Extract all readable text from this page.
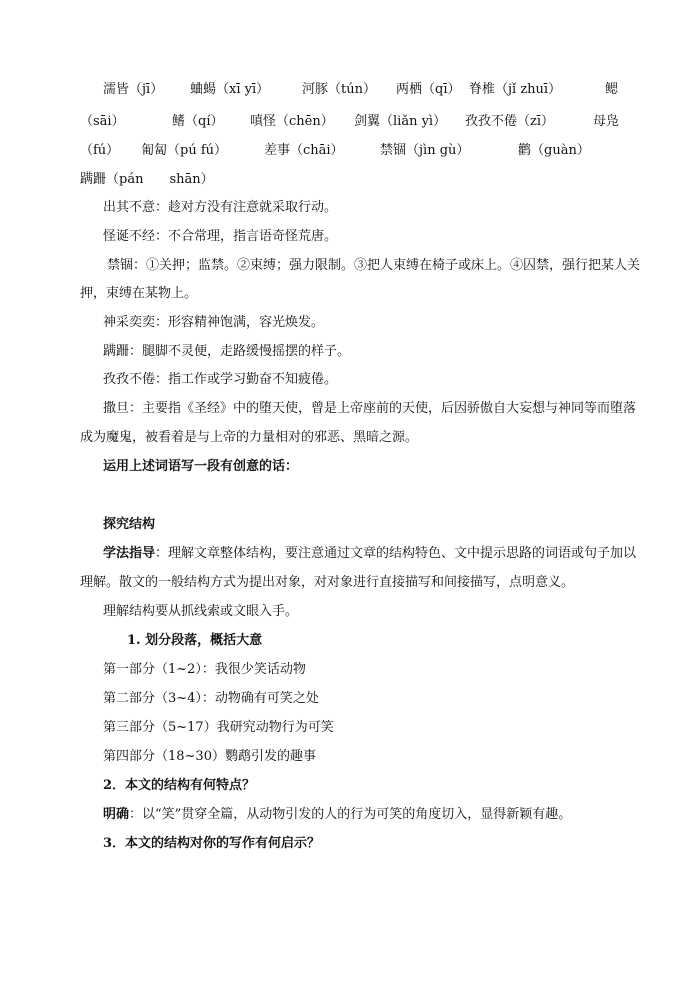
濡皆（jī） 蛐蝪（xī yī）	河豚（tún） 两栖（qī） 脊椎（jǐ zhuī）	鳃
（sāi）	鳍（qí） 嗔怪（chēn） 剑翼（liǎn yì） 孜孜不倦（zī）	母凫
（fú） 匍匐（pú fú）	差事（chāi）	禁锢（jìn gù）	鹳（guàn）
蹒跚（pán　　shān）
出其不意：趁对方没有注意就采取行动。
怪诞不经：不合常理，指言语奇怪荒唐。
禁锢：①关押；监禁。②束缚；强力限制。③把人束缚在椅子或床上。④囚禁，强行把某人关
押，束缚在某物上。
神采奕奕：形容精神饱满，容光焕发。
蹒跚：腿脚不灵便，走路缓慢摇摆的样子。
孜孜不倦：指工作或学习勤奋不知疲倦。
撒旦：主要指《圣经》中的堕天使，曾是上帝座前的天使，后因骄傲自大妄想与神同等而堕落
成为魔鬼，被看着是与上帝的力量相对的邪恶、黑暗之源。
运用上述词语写一段有创意的话：
探究结构
学法指导：理解文章整体结构，要注意通过文章的结构特色、文中提示思路的词语或句子加以
理解。散文的一般结构方式为提出对象，对对象进行直接描写和间接描写，点明意义。
理解结构要从抓线索或文眼入手。
1. 划分段落，概括大意
第一部分（1~2）：我很少笑话动物
第二部分（3~4）：动物确有可笑之处
第三部分（5~17）我研究动物行为可笑
第四部分（18~30）鹦鹉引发的趣事
2．本文的结构有何特点？
明确：以“笑”贯穿全篇，从动物引发的人的行为可笑的角度切入，显得新颖有趣。
3．本文的结构对你的写作有何启示？
